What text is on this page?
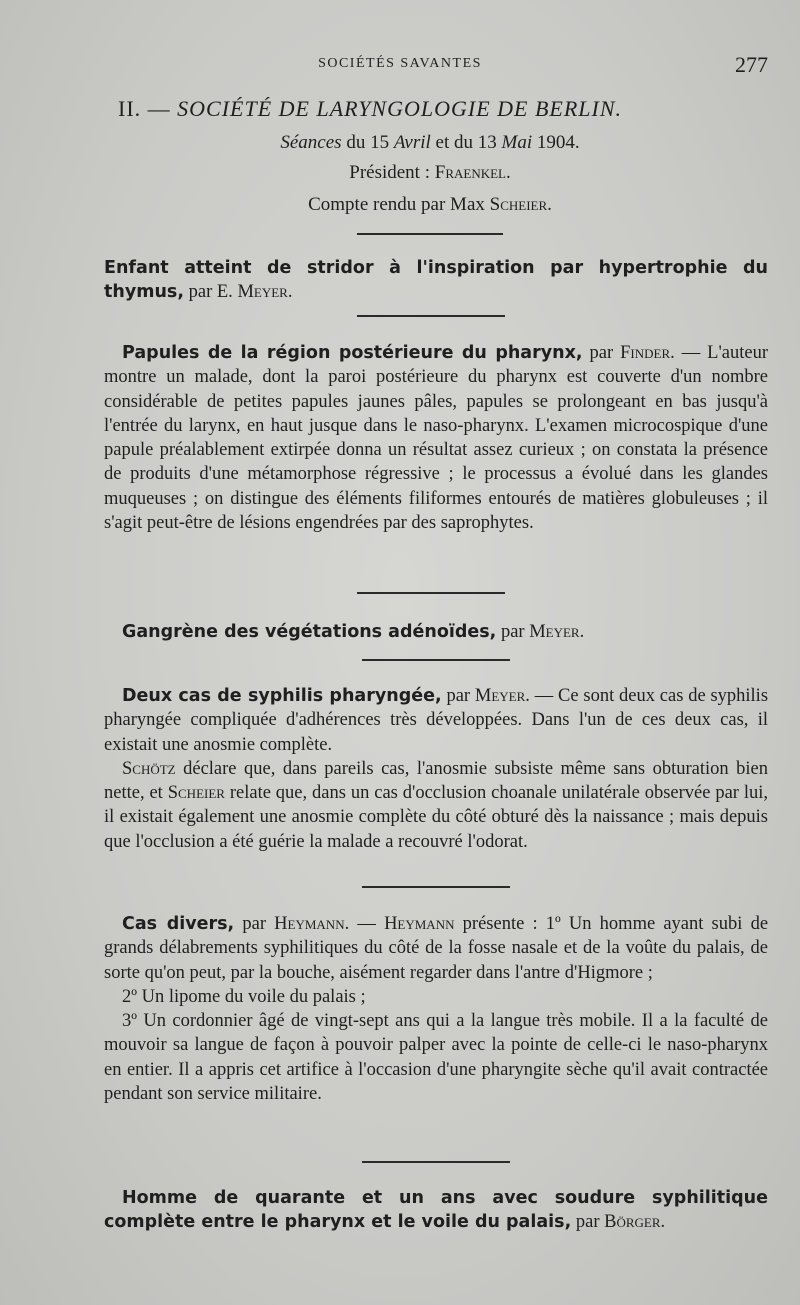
SOCIÉTÉS SAVANTES	277
II. — SOCIÉTÉ DE LARYNGOLOGIE DE BERLIN.
Séances du 15 Avril et du 13 Mai 1904.
Président : Fraenkel.
Compte rendu par Max Scheier.

Enfant atteint de stridor à l'inspiration par hypertrophie du thymus, par E. Meyer.

Papules de la région postérieure du pharynx, par Finder. — L'auteur montre un malade, dont la paroi postérieure du pharynx est couverte d'un nombre considérable de petites papules jaunes pâles, papules se prolongeant en bas jusqu'à l'entrée du larynx, en haut jusque dans le naso-pharynx. L'examen microcospique d'une papule préalablement extirpée donna un résultat assez curieux ; on constata la présence de produits d'une métamorphose régressive ; le processus a évolué dans les glandes muqueuses ; on distingue des éléments filiformes entourés de matières globuleuses ; il s'agit peut-être de lésions engendrées par des saprophytes.

Gangrène des végétations adénoïdes, par Meyer.

Deux cas de syphilis pharyngée, par Meyer. — Ce sont deux cas de syphilis pharyngée compliquée d'adhérences très développées. Dans l'un de ces deux cas, il existait une anosmie complète.

Schötz déclare que, dans pareils cas, l'anosmie subsiste même sans obturation bien nette, et Scheier relate que, dans un cas d'occlusion choanale unilatérale observée par lui, il existait également une anosmie complète du côté obturé dès la naissance ; mais depuis que l'occlusion a été guérie la malade a recouvré l'odorat.

Cas divers, par Heymann. — Heymann présente : 1º Un homme ayant subi de grands délabrements syphilitiques du côté de la fosse nasale et de la voûte du palais, de sorte qu'on peut, par la bouche, aisément regarder dans l'antre d'Higmore ;

2º Un lipome du voile du palais ;

3º Un cordonnier âgé de vingt-sept ans qui a la langue très mobile. Il a la faculté de mouvoir sa langue de façon à pouvoir palper avec la pointe de celle-ci le naso-pharynx en entier. Il a appris cet artifice à l'occasion d'une pharyngite sèche qu'il avait contractée pendant son service militaire.

Homme de quarante et un ans avec soudure syphilitique complète entre le pharynx et le voile du palais, par Börger.
